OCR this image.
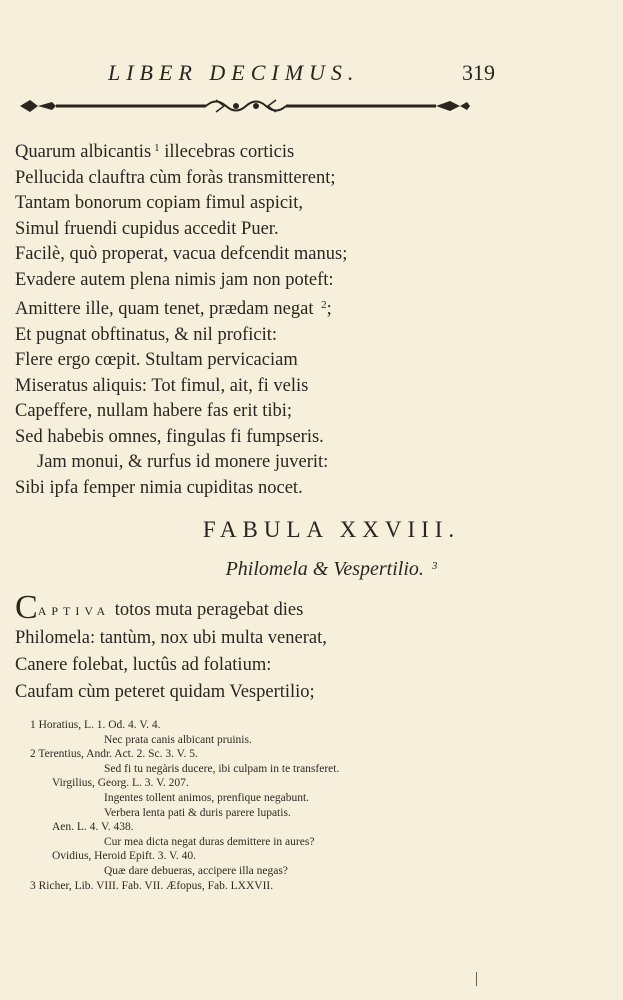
LIBER DECIMUS.	319
Quarum albicantis $^1$ illecebras corticis
Pellucida clauftra cùm foràs transmitterent;
Tantam bonorum copiam fimul aspicit,
Simul fruendi cupidus accedit Puer.
Facilè, quò properat, vacua defcendit manus;
Evadere autem plena nimis jam non poteft:
Amittere ille, quam tenet, prædam negat $^2$;
Et pugnat obftinatus, & nil proficit:
Flere ergo cœpit. Stultam pervicaciam
Miseratus aliquis: Tot fimul, ait, fi velis
Capeffere, nullam habere fas erit tibi;
Sed habebis omnes, fingulas fi fumpseris.
Jam monui, & rurfus id monere juverit:
Sibi ipfa femper nimia cupiditas nocet.
FABULA XXVIII.
Philomela & Vespertilio. $^3$
CAPTIVA totos muta peragebat dies
Philomela: tantùm, nox ubi multa venerat,
Canere folebat, luctûs ad folatium:
Caufam cùm peteret quidam Vespertilio;
1 Horatius, L. 1. Od. 4. V. 4.
Nec prata canis albicant pruinis.
2 Terentius, Andr. Act. 2. Sc. 3. V. 5.
Sed fi tu negàris ducere, ibi culpam in te transferet.
Virgilius, Georg. L. 3. V. 207.
Ingentes tollent animos, prenfique negabunt.
Verbera lenta pati & duris parere lupatis.
Aen. L. 4. V. 438.
Cur mea dicta negat duras demittere in aures?
Ovidius, Heroid Epift. 3. V. 40.
Quæ dare debueras, accipere illa negas?
3 Richer, Lib. VIII. Fab. VII. Æfopus, Fab. LXXVII.
